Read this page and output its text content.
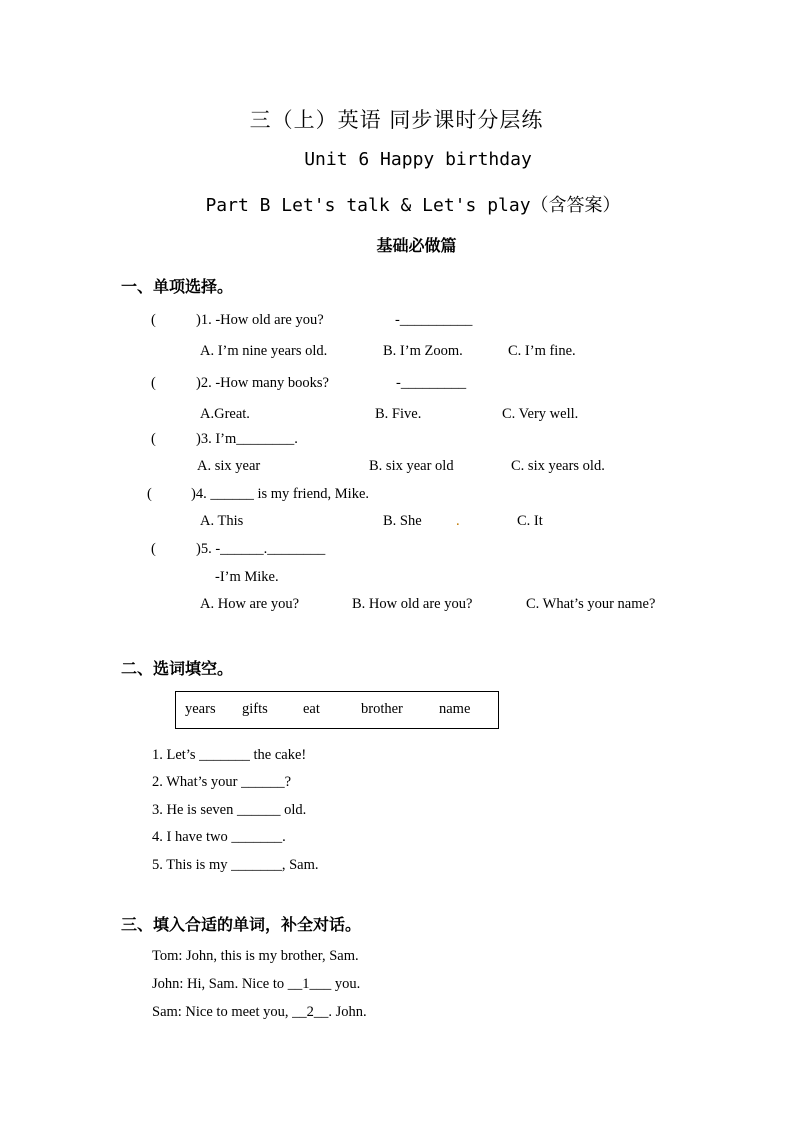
三（上）英语 同步课时分层练
Unit 6 Happy birthday
Part B Let's talk & Let's play（含答案）
基础必做篇
一、单项选择。
(	)1. -How old are you?	-__________
A. I’m nine years old.	B. I’m Zoom.	C. I’m fine.
(	)2. -How many books?	-_________
A.Great.	B. Five.	C. Very well.
(	)3. I’m________.
A. six year	B. six year old	C. six years old.
(	)4. ______ is my friend, Mike.
A. This	B. She .	C. It
(	)5. -______.________
-I’m Mike.
A. How are you?	B. How old are you?	C. What’s your name?
二、选词填空。
years gifts eat	brother name
1. Let’s _______ the cake!
2. What’s your ______?
3. He is seven ______ old.
4. I have two _______.
5. This is my _______, Sam.
三、填入合适的单词，补全对话。
Tom: John, this is my brother, Sam.
John: Hi, Sam. Nice to __1___ you.
Sam: Nice to meet you, __2__. John.
